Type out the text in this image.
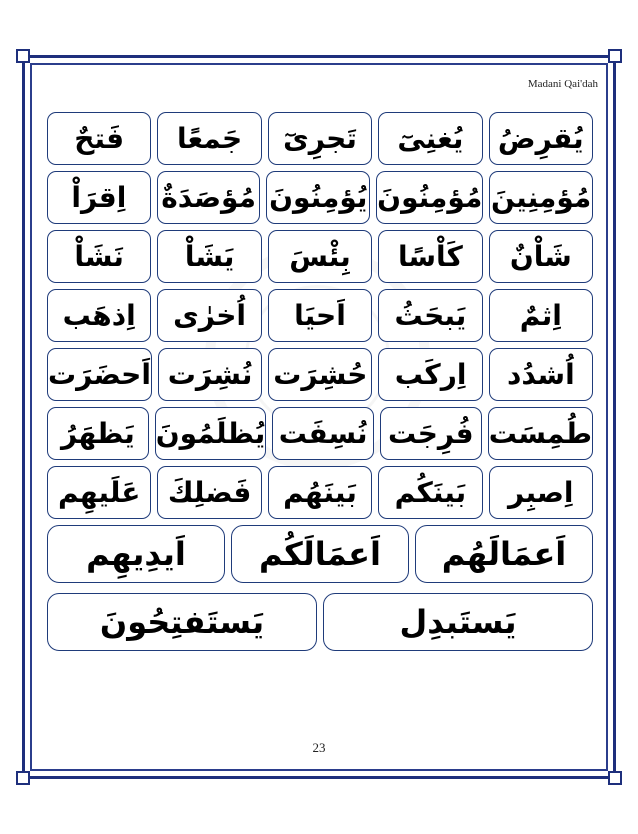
Madani Qai'dah
يُقرِضُ
يُغنِىٓ
تَجرِىٓ
جَمعًا
فَتحٌ
مُؤمِنِينَ
مُؤمِنُونَ
يُؤمِنُونَ
مُؤصَدَةٌ
اِقرَاْ
شَاْنٌ
كَاْسًا
بِئْسَ
يَشَاْ
نَشَاْ
اِثمٌ
يَبحَثُ
اَحيَا
اُخرٰى
اِذهَب
اُشدُد
اِركَب
حُشِرَت
نُشِرَت
اَحضَرَت
طُمِسَت
فُرِجَت
نُسِفَت
يُظلَمُونَ
يَظهَرُ
اِصبِر
بَينَكُم
بَينَهُم
فَضلِكَ
عَلَيهِم
اَعمَالَهُم
اَعمَالَكُم
اَيدِيهِم
يَستَبدِل
يَستَفتِحُونَ
23
